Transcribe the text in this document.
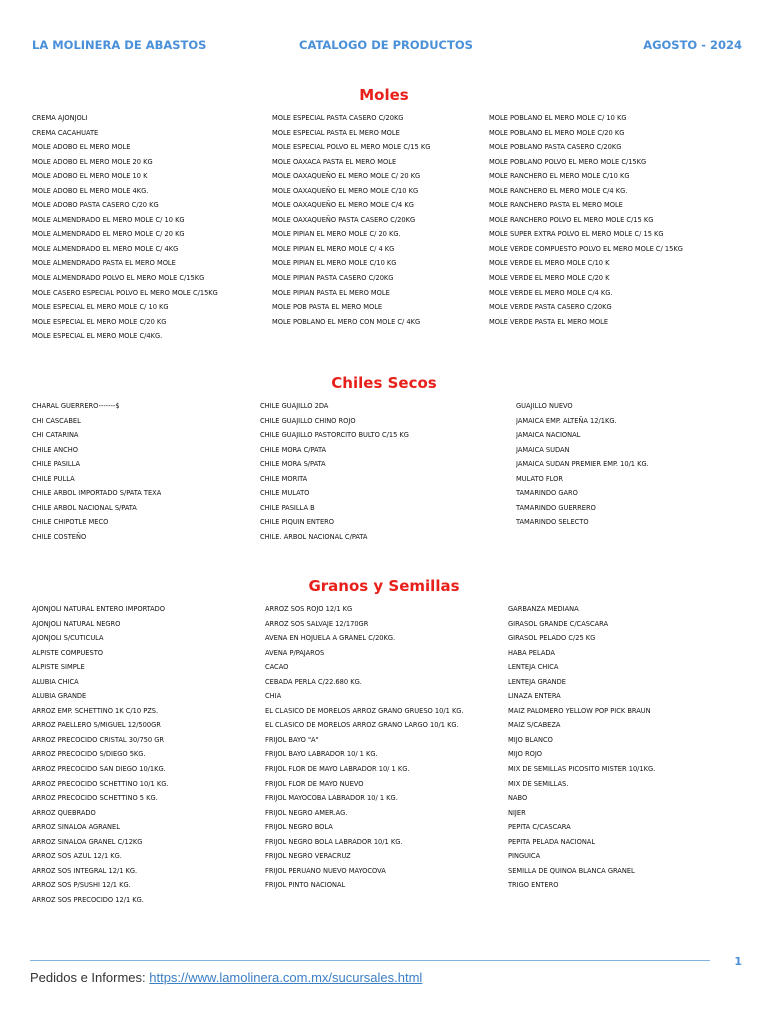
LA MOLINERA DE ABASTOS	CATALOGO DE PRODUCTOS	AGOSTO - 2024
Moles
CREMA AJONJOLI
CREMA CACAHUATE
MOLE ADOBO EL MERO MOLE
MOLE ADOBO EL MERO MOLE 20 KG
MOLE ADOBO EL MERO MOLE 10 K
MOLE ADOBO EL MERO MOLE 4KG.
MOLE ADOBO PASTA CASERO C/20 KG
MOLE ALMENDRADO EL MERO MOLE C/ 10 KG
MOLE ALMENDRADO EL MERO MOLE C/ 20 KG
MOLE ALMENDRADO EL MERO MOLE C/ 4KG
MOLE ALMENDRADO PASTA EL MERO MOLE
MOLE ALMENDRADO POLVO EL MERO MOLE C/15KG
MOLE CASERO ESPECIAL POLVO EL MERO MOLE C/15KG
MOLE ESPECIAL EL MERO MOLE C/ 10 KG
MOLE ESPECIAL EL MERO MOLE C/20 KG
MOLE ESPECIAL EL MERO MOLE C/4KG.
MOLE ESPECIAL PASTA CASERO C/20KG
MOLE ESPECIAL PASTA EL MERO MOLE
MOLE ESPECIAL POLVO EL MERO MOLE C/15 KG
MOLE OAXACA PASTA EL MERO MOLE
MOLE OAXAQUEÑO EL MERO MOLE C/ 20 KG
MOLE OAXAQUEÑO EL MERO MOLE C/10 KG
MOLE OAXAQUEÑO EL MERO MOLE C/4 KG
MOLE OAXAQUEÑO PASTA CASERO C/20KG
MOLE PIPIAN EL MERO MOLE C/ 20 KG.
MOLE PIPIAN EL MERO MOLE C/ 4 KG
MOLE PIPIAN EL MERO MOLE C/10 KG
MOLE PIPIAN PASTA CASERO C/20KG
MOLE PIPIAN PASTA EL MERO MOLE
MOLE POB PASTA EL MERO MOLE
MOLE POBLANO EL MERO CON MOLE C/ 4KG
MOLE POBLANO EL MERO MOLE C/ 10 KG
MOLE POBLANO EL MERO MOLE C/20 KG
MOLE POBLANO PASTA CASERO C/20KG
MOLE POBLANO POLVO EL MERO MOLE C/15KG
MOLE RANCHERO EL MERO MOLE C/10 KG
MOLE RANCHERO EL MERO MOLE C/4 KG.
MOLE RANCHERO PASTA EL MERO MOLE
MOLE RANCHERO POLVO EL MERO MOLE C/15 KG
MOLE SUPER EXTRA POLVO EL MERO MOLE C/ 15 KG
MOLE VERDE COMPUESTO POLVO EL MERO MOLE C/ 15KG
MOLE VERDE EL MERO MOLE C/10 K
MOLE VERDE EL MERO MOLE C/20 K
MOLE VERDE EL MERO MOLE C/4 KG.
MOLE VERDE PASTA CASERO C/20KG
MOLE VERDE PASTA EL MERO MOLE
Chiles Secos
CHARAL GUERRERO-------$
CHI CASCABEL
CHI CATARINA
CHILE ANCHO
CHILE PASILLA
CHILE PULLA
CHILE ARBOL IMPORTADO S/PATA TEXA
CHILE ARBOL NACIONAL S/PATA
CHILE CHIPOTLE MECO
CHILE COSTEÑO
CHILE GUAJILLO 2DA
CHILE GUAJILLO CHINO ROJO
CHILE GUAJILLO PASTORCITO BULTO C/15 KG
CHILE MORA C/PATA
CHILE MORA S/PATA
CHILE MORITA
CHILE MULATO
CHILE PASILLA B
CHILE PIQUIN ENTERO
CHILE. ARBOL NACIONAL C/PATA
GUAJILLO NUEVO
JAMAICA EMP. ALTEÑA 12/1KG.
JAMAICA NACIONAL
JAMAICA SUDAN
JAMAICA SUDAN PREMIER EMP. 10/1 KG.
MULATO FLOR
TAMARINDO GARO
TAMARINDO GUERRERO
TAMARINDO SELECTO
Granos y Semillas
AJONJOLI NATURAL ENTERO IMPORTADO
AJONJOLI NATURAL NEGRO
AJONJOLI S/CUTICULA
ALPISTE COMPUESTO
ALPISTE SIMPLE
ALUBIA CHICA
ALUBIA GRANDE
ARROZ EMP. SCHETTINO 1K C/10 PZS.
ARROZ PAELLERO S/MIGUEL 12/500GR
ARROZ PRECOCIDO CRISTAL 30/750 GR
ARROZ PRECOCIDO S/DIEGO 5KG.
ARROZ PRECOCIDO SAN DIEGO 10/1KG.
ARROZ PRECOCIDO SCHETTINO 10/1 KG.
ARROZ PRECOCIDO SCHETTINO 5 KG.
ARROZ QUEBRADO
ARROZ SINALOA AGRANEL
ARROZ SINALOA GRANEL C/12KG
ARROZ SOS AZUL 12/1 KG.
ARROZ SOS INTEGRAL 12/1 KG.
ARROZ SOS P/SUSHI 12/1 KG.
ARROZ SOS PRECOCIDO 12/1 KG.
ARROZ SOS ROJO 12/1 KG
ARROZ SOS SALVAJE 12/170GR
AVENA EN HOJUELA A GRANEL C/20KG.
AVENA P/PAJAROS
CACAO
CEBADA PERLA C/22.680 KG.
CHIA
EL CLASICO DE MORELOS ARROZ GRANO GRUESO 10/1 KG.
EL CLASICO DE MORELOS ARROZ GRANO LARGO 10/1 KG.
FRIJOL BAYO "A"
FRIJOL BAYO LABRADOR 10/ 1 KG.
FRIJOL FLOR DE MAYO LABRADOR 10/ 1 KG.
FRIJOL FLOR DE MAYO NUEVO
FRIJOL MAYOCOBA LABRADOR 10/ 1 KG.
FRIJOL NEGRO AMER.AG.
FRIJOL NEGRO BOLA
FRIJOL NEGRO BOLA LABRADOR 10/1 KG.
FRIJOL NEGRO VERACRUZ
FRIJOL PERUANO NUEVO MAYOCOVA
FRIJOL PINTO NACIONAL
GARBANZA MEDIANA
GIRASOL GRANDE C/CASCARA
GIRASOL PELADO C/25 KG
HABA PELADA
LENTEJA CHICA
LENTEJA GRANDE
LINAZA ENTERA
MAIZ PALOMERO YELLOW POP PICK BRAUN
MAIZ S/CABEZA
MIJO BLANCO
MIJO ROJO
MIX DE SEMILLAS PICOSITO MISTER 10/1KG.
MIX DE SEMILLAS.
NABO
NIJER
PEPITA C/CASCARA
PEPITA PELADA NACIONAL
PINGUICA
SEMILLA DE QUINOA BLANCA GRANEL
TRIGO ENTERO
1
Pedidos e Informes: https://www.lamolinera.com.mx/sucursales.html
